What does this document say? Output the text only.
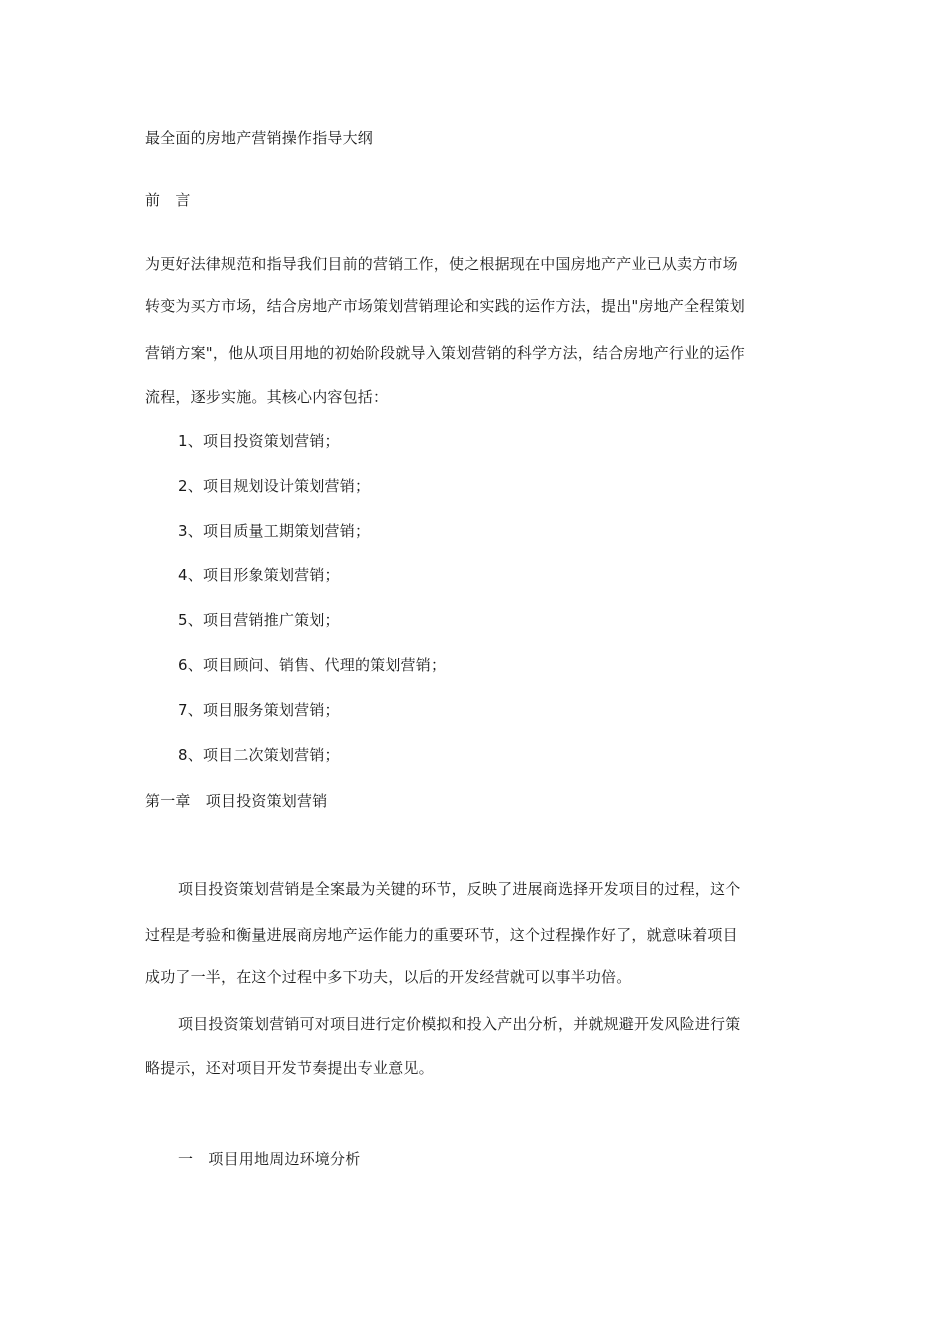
最全面的房地产营销操作指导大纲
前　言
为更好法律规范和指导我们目前的营销工作，使之根据现在中国房地产产业已从卖方市场
转变为买方市场，结合房地产市场策划营销理论和实践的运作方法，提出"房地产全程策划
营销方案"，他从项目用地的初始阶段就导入策划营销的科学方法，结合房地产行业的运作
流程，逐步实施。其核心内容包括：
1、项目投资策划营销；
2、项目规划设计策划营销；
3、项目质量工期策划营销；
4、项目形象策划营销；
5、项目营销推广策划；
6、项目顾问、销售、代理的策划营销；
7、项目服务策划营销；
8、项目二次策划营销；
第一章　项目投资策划营销
项目投资策划营销是全案最为关键的环节，反映了进展商选择开发项目的过程，这个
过程是考验和衡量进展商房地产运作能力的重要环节，这个过程操作好了，就意味着项目
成功了一半，在这个过程中多下功夫，以后的开发经营就可以事半功倍。
项目投资策划营销可对项目进行定价模拟和投入产出分析，并就规避开发风险进行策
略提示，还对项目开发节奏提出专业意见。
一　项目用地周边环境分析
